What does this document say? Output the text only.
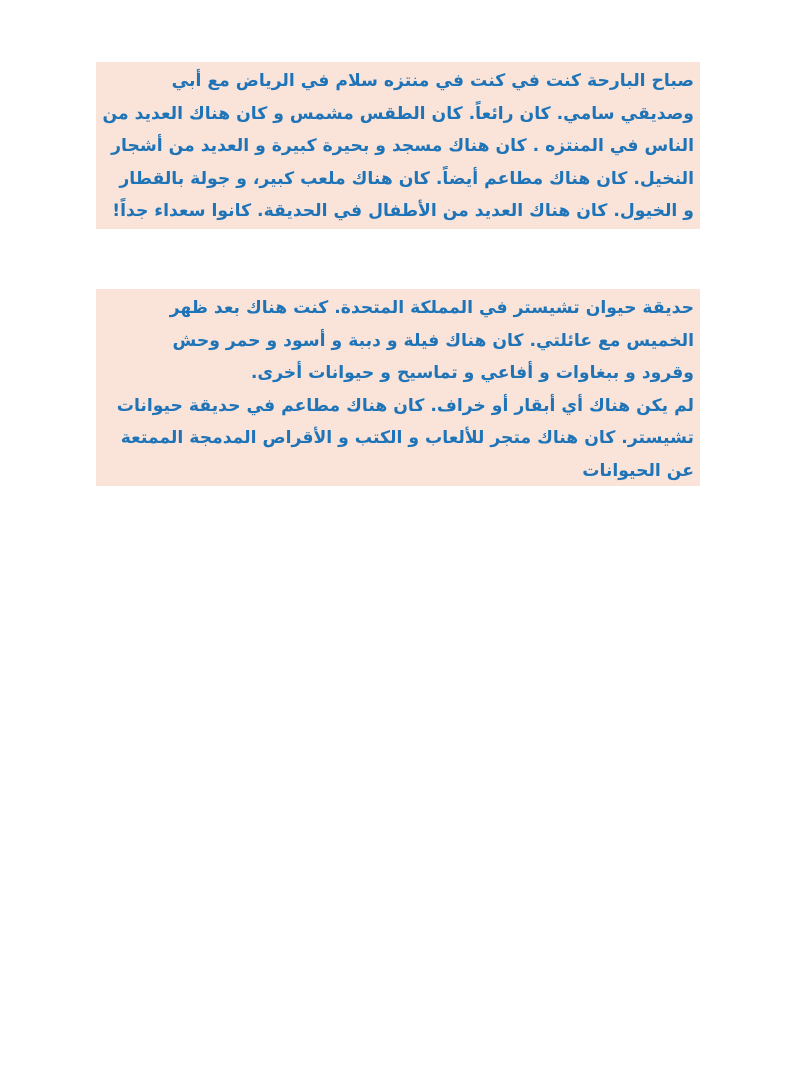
صباح البارحة كنت في كنت في منتزه سلام في الرياض مع أبي
وصديقي سامي. كان رائعاً. كان الطقس مشمس و كان هناك العديد من
الناس في المنتزه . كان هناك مسجد و بحيرة كبيرة و العديد من أشجار
النخيل. كان هناك مطاعم أيضاً. كان هناك ملعب كبير، و جولة بالقطار
و الخيول. كان هناك العديد من الأطفال في الحديقة. كانوا سعداء جداً!
حديقة حيوان تشيستر في المملكة المتحدة. كنت هناك بعد ظهر
الخميس مع عائلتي. كان هناك فيلة و دببة و أسود و حمر وحش
وقرود و ببغاوات و أفاعي و تماسيح و حيوانات أخرى.
لم يكن هناك أي أبقار أو خراف. كان هناك مطاعم في حديقة حيوانات
تشيستر. كان هناك متجر للألعاب و الكتب و الأقراص المدمجة الممتعة
عن الحيوانات
